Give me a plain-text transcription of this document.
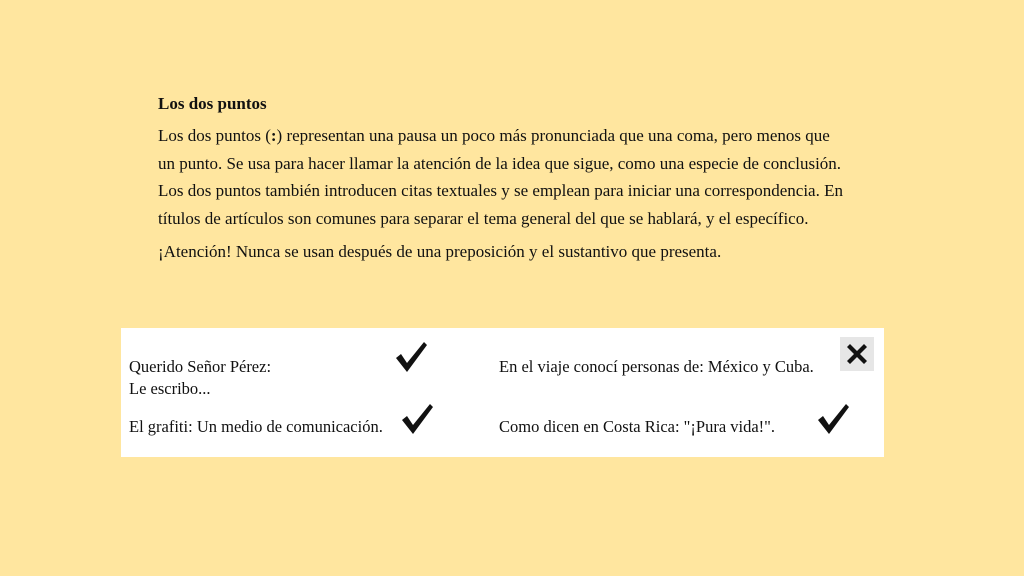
Los dos puntos

Los dos puntos (:) representan una pausa un poco más pronunciada que una coma, pero menos que un punto. Se usa para hacer llamar la atención de la idea que sigue, como una especie de conclusión. Los dos puntos también introducen citas textuales y se emplean para iniciar una correspondencia. En títulos de artículos son comunes para separar el tema general del que se hablará, y el específico.

¡Atención! Nunca se usan después de una preposición y el sustantivo que presenta.

Querido Señor Pérez:
Le escribo...
El grafiti: Un medio de comunicación.
En el viaje conocí personas de: México y Cuba.
Como dicen en Costa Rica: "¡Pura vida!".
